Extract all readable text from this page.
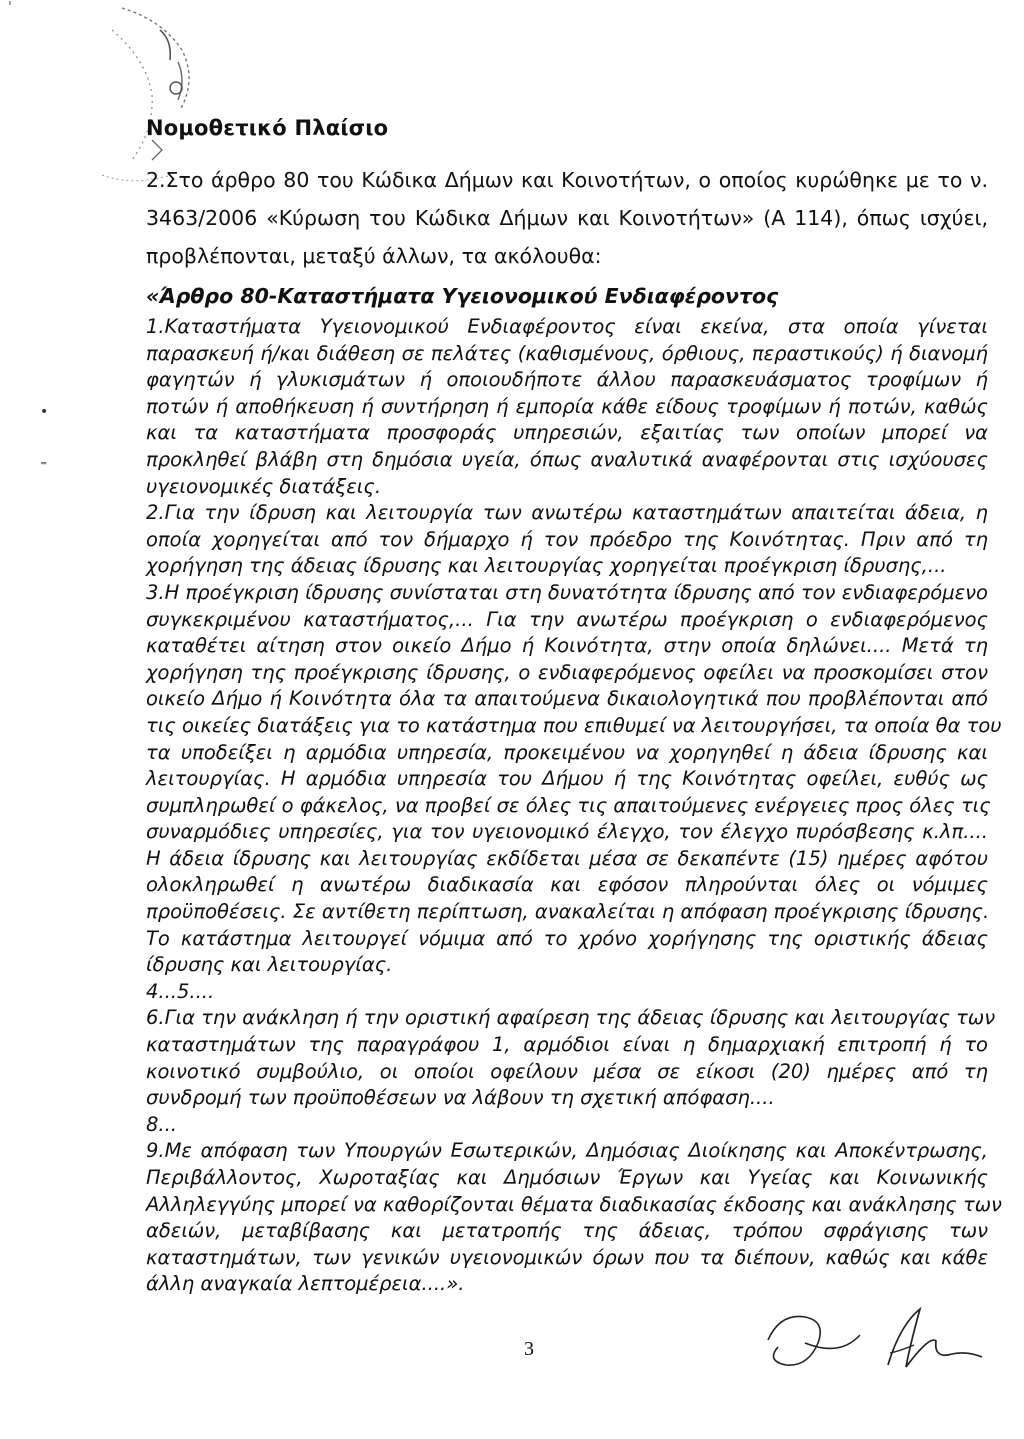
Νομοθετικό Πλαίσιο
2.Στο άρθρο 80 του Κώδικα Δήμων και Κοινοτήτων, ο οποίος κυρώθηκε με το ν.
3463/2006 «Κύρωση του Κώδικα Δήμων και Κοινοτήτων» (Α 114), όπως ισχύει,
προβλέπονται, μεταξύ άλλων, τα ακόλουθα:
«Άρθρο 80-Καταστήματα Υγειονομικού Ενδιαφέροντος
1.Καταστήματα Υγειονομικού Ενδιαφέροντος είναι εκείνα, στα οποία γίνεται
παρασκευή ή/και διάθεση σε πελάτες (καθισμένους, όρθιους, περαστικούς) ή διανομή
φαγητών ή γλυκισμάτων ή οποιουδήποτε άλλου παρασκευάσματος τροφίμων ή
ποτών ή αποθήκευση ή συντήρηση ή εμπορία κάθε είδους τροφίμων ή ποτών, καθώς
και τα καταστήματα προσφοράς υπηρεσιών, εξαιτίας των οποίων μπορεί να
προκληθεί βλάβη στη δημόσια υγεία, όπως αναλυτικά αναφέρονται στις ισχύουσες
υγειονομικές διατάξεις.
2.Για την ίδρυση και λειτουργία των ανωτέρω καταστημάτων απαιτείται άδεια, η
οποία χορηγείται από τον δήμαρχο ή τον πρόεδρο της Κοινότητας. Πριν από τη
χορήγηση της άδειας ίδρυσης και λειτουργίας χορηγείται προέγκριση ίδρυσης,...
3.Η προέγκριση ίδρυσης συνίσταται στη δυνατότητα ίδρυσης από τον ενδιαφερόμενο
συγκεκριμένου καταστήματος,... Για την ανωτέρω προέγκριση ο ενδιαφερόμενος
καταθέτει αίτηση στον οικείο Δήμο ή Κοινότητα, στην οποία δηλώνει.... Μετά τη
χορήγηση της προέγκρισης ίδρυσης, ο ενδιαφερόμενος οφείλει να προσκομίσει στον
οικείο Δήμο ή Κοινότητα όλα τα απαιτούμενα δικαιολογητικά που προβλέπονται από
τις οικείες διατάξεις για το κατάστημα που επιθυμεί να λειτουργήσει, τα οποία θα του
τα υποδείξει η αρμόδια υπηρεσία, προκειμένου να χορηγηθεί η άδεια ίδρυσης και
λειτουργίας. Η αρμόδια υπηρεσία του Δήμου ή της Κοινότητας οφείλει, ευθύς ως
συμπληρωθεί ο φάκελος, να προβεί σε όλες τις απαιτούμενες ενέργειες προς όλες τις
συναρμόδιες υπηρεσίες, για τον υγειονομικό έλεγχο, τον έλεγχο πυρόσβεσης κ.λπ....
Η άδεια ίδρυσης και λειτουργίας εκδίδεται μέσα σε δεκαπέντε (15) ημέρες αφότου
ολοκληρωθεί η ανωτέρω διαδικασία και εφόσον πληρούνται όλες οι νόμιμες
προϋποθέσεις. Σε αντίθετη περίπτωση, ανακαλείται η απόφαση προέγκρισης ίδρυσης.
Το κατάστημα λειτουργεί νόμιμα από το χρόνο χορήγησης της οριστικής άδειας
ίδρυσης και λειτουργίας.
4...5....
6.Για την ανάκληση ή την οριστική αφαίρεση της άδειας ίδρυσης και λειτουργίας των
καταστημάτων της παραγράφου 1, αρμόδιοι είναι η δημαρχιακή επιτροπή ή το
κοινοτικό συμβούλιο, οι οποίοι οφείλουν μέσα σε είκοσι (20) ημέρες από τη
συνδρομή των προϋποθέσεων να λάβουν τη σχετική απόφαση....
8...
9.Με απόφαση των Υπουργών Εσωτερικών, Δημόσιας Διοίκησης και Αποκέντρωσης,
Περιβάλλοντος, Χωροταξίας και Δημόσιων Έργων και Υγείας και Κοινωνικής
Αλληλεγγύης μπορεί να καθορίζονται θέματα διαδικασίας έκδοσης και ανάκλησης των
αδειών, μεταβίβασης και μετατροπής της άδειας, τρόπου σφράγισης των
καταστημάτων, των γενικών υγειονομικών όρων που τα διέπουν, καθώς και κάθε
άλλη αναγκαία λεπτομέρεια....».
•
⁼
ˈ
3
